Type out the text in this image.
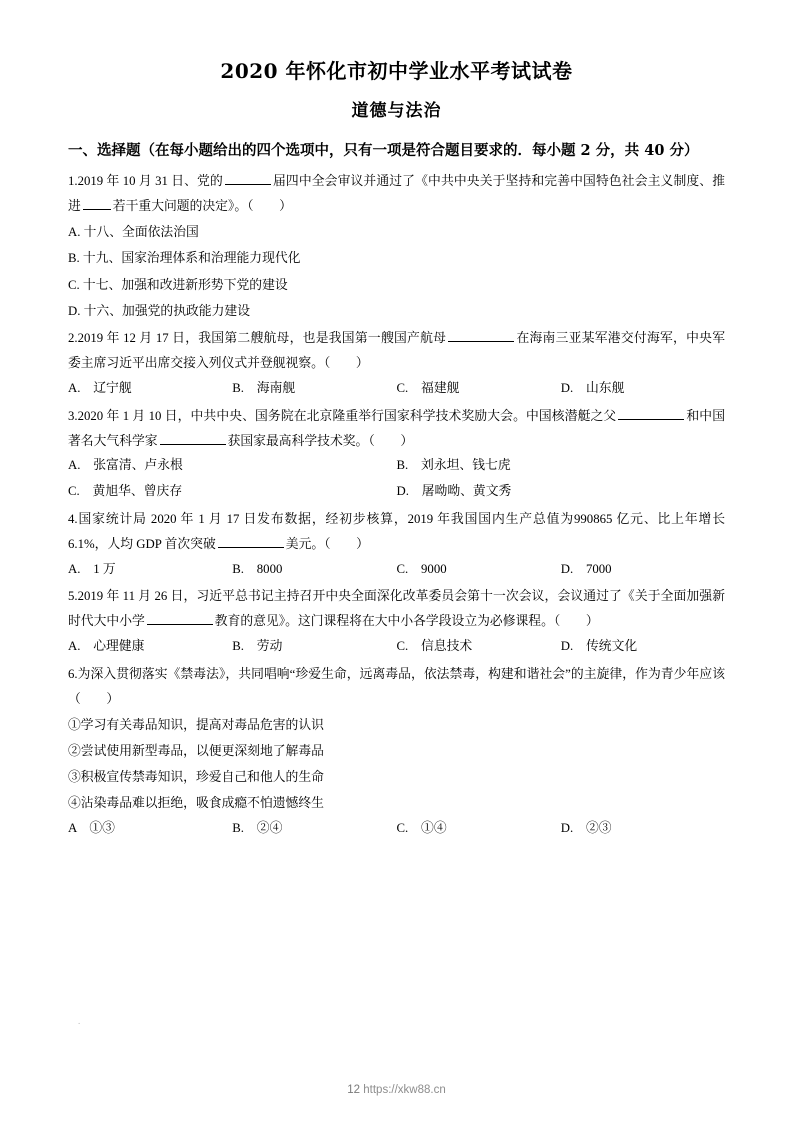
2020 年怀化市初中学业水平考试试卷
道德与法治

一、选择题（在每小题给出的四个选项中，只有一项是符合题目要求的．每小题 2 分，共 40 分）

1.2019 年 10 月 31 日、党的	届四中全会审议并通过了《中共中央关于坚持和完善中国特色社会主义制度、推进	若干重大问题的决定》。（　　）

A. 十八、全面依法治国
B. 十九、国家治理体系和治理能力现代化
C. 十七、加强和改进新形势下党的建设
D. 十六、加强党的执政能力建设

2.2019 年 12 月 17 日，我国第二艘航母，也是我国第一艘国产航母	在海南三亚某军港交付海军，中央军委主席习近平出席交接入列仪式并登舰视察。（　　）

A.　辽宁舰	B.　海南舰	C.　福建舰	D.　山东舰

3.2020 年 1 月 10 日，中共中央、国务院在北京隆重举行国家科学技术奖励大会。中国核潜艇之父	和中国著名大气科学家	获国家最高科学技术奖。（　　）

A.　张富清、卢永根	B.　刘永坦、钱七虎
C.　黄旭华、曾庆存	D.　屠呦呦、黄文秀

4.国家统计局 2020 年 1 月 17 日发布数据，经初步核算，2019 年我国国内生产总值为990865 亿元、比上年增长 6.1%，人均 GDP 首次突破	美元。（　　）

A.　1 万	B.　8000	C.　9000	D.　7000

5.2019 年 11 月 26 日，习近平总书记主持召开中央全面深化改革委员会第十一次会议，会议通过了《关于全面加强新时代大中小学	教育的意见》。这门课程将在大中小各学段设立为必修课程。（　　）

A.　心理健康	B.　劳动	C.　信息技术	D.　传统文化

6.为深入贯彻落实《禁毒法》，共同唱响“珍爱生命，远离毒品，依法禁毒，构建和谐社会”的主旋律，作为青少年应该（　　）

①学习有关毒品知识，提高对毒品危害的认识
②尝试使用新型毒品，以便更深刻地了解毒品
③积极宣传禁毒知识，珍爱自己和他人的生命
④沾染毒品难以拒绝，吸食成瘾不怕遗憾终生
A　①③	B.　②④	C.　①④	D.　②③
.
12 https://xkw88.cn
